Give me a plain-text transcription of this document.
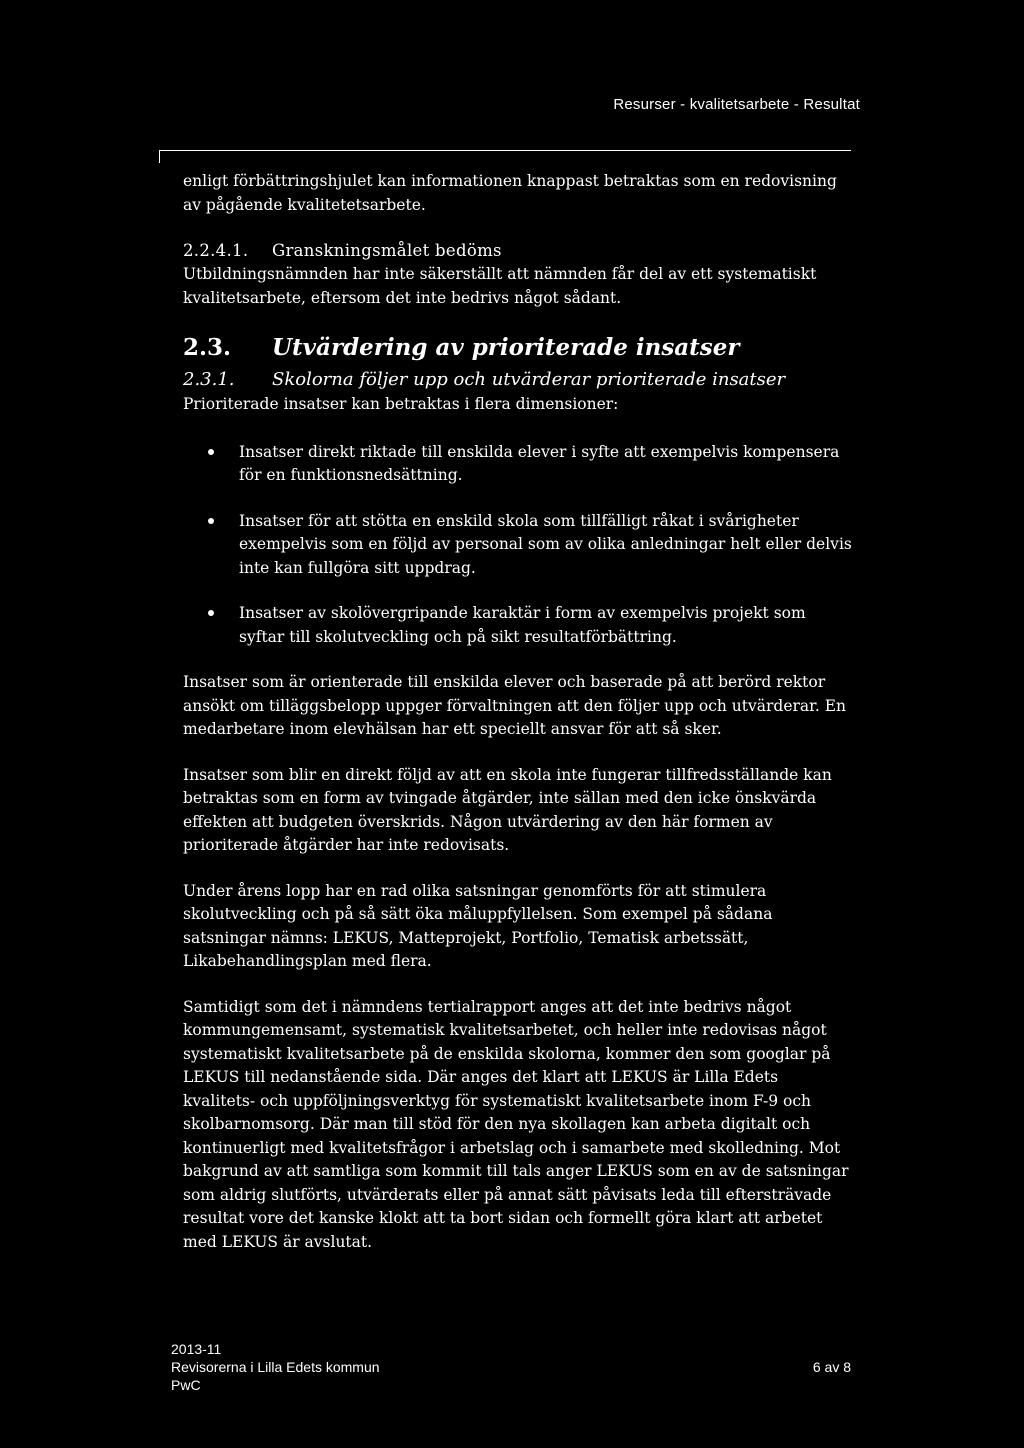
Resurser - kvalitetsarbete - Resultat

enligt förbättringshjulet kan informationen knappast betraktas som en redovisning av pågående kvalitetetsarbete.

2.2.4.1.	Granskningsmålet bedöms

Utbildningsnämnden har inte säkerställt att nämnden får del av ett systematiskt kvalitetsarbete, eftersom det inte bedrivs något sådant.

2.3.	Utvärdering av prioriterade insatser
2.3.1.	Skolorna följer upp och utvärderar prioriterade insatser

Prioriterade insatser kan betraktas i flera dimensioner:

Insatser direkt riktade till enskilda elever i syfte att exempelvis kompensera för en funktionsnedsättning.
Insatser för att stötta en enskild skola som tillfälligt råkat i svårigheter exempelvis som en följd av personal som av olika anledningar helt eller delvis inte kan fullgöra sitt uppdrag.
Insatser av skolövergripande karaktär i form av exempelvis projekt som syftar till skolutveckling och på sikt resultatförbättring.

Insatser som är orienterade till enskilda elever och baserade på att berörd rektor ansökt om tilläggsbelopp uppger förvaltningen att den följer upp och utvärderar. En medarbetare inom elevhälsan har ett speciellt ansvar för att så sker.

Insatser som blir en direkt följd av att en skola inte fungerar tillfredsställande kan betraktas som en form av tvingade åtgärder, inte sällan med den icke önskvärda effekten att budgeten överskrids. Någon utvärdering av den här formen av prioriterade åtgärder har inte redovisats.

Under årens lopp har en rad olika satsningar genomförts för att stimulera skolutveckling och på så sätt öka måluppfyllelsen. Som exempel på sådana satsningar nämns: LEKUS, Matteprojekt, Portfolio, Tematisk arbetssätt, Likabehandlingsplan med flera.

Samtidigt som det i nämndens tertialrapport anges att det inte bedrivs något kommungemensamt, systematisk kvalitetsarbetet, och heller inte redovisas något systematiskt kvalitetsarbete på de enskilda skolorna, kommer den som googlar på LEKUS till nedanstående sida. Där anges det klart att LEKUS är Lilla Edets kvalitets- och uppföljningsverktyg för systematiskt kvalitetsarbete inom F-9 och skolbarnomsorg. Där man till stöd för den nya skollagen kan arbeta digitalt och kontinuerligt med kvalitetsfrågor i arbetslag och i samarbete med skolledning. Mot bakgrund av att samtliga som kommit till tals anger LEKUS som en av de satsningar som aldrig slutförts, utvärderats eller på annat sätt påvisats leda till eftersträvade resultat vore det kanske klokt att ta bort sidan och formellt göra klart att arbetet med LEKUS är avslutat.

2013-11
Revisorerna i Lilla Edets kommun
PwC
6 av 8
